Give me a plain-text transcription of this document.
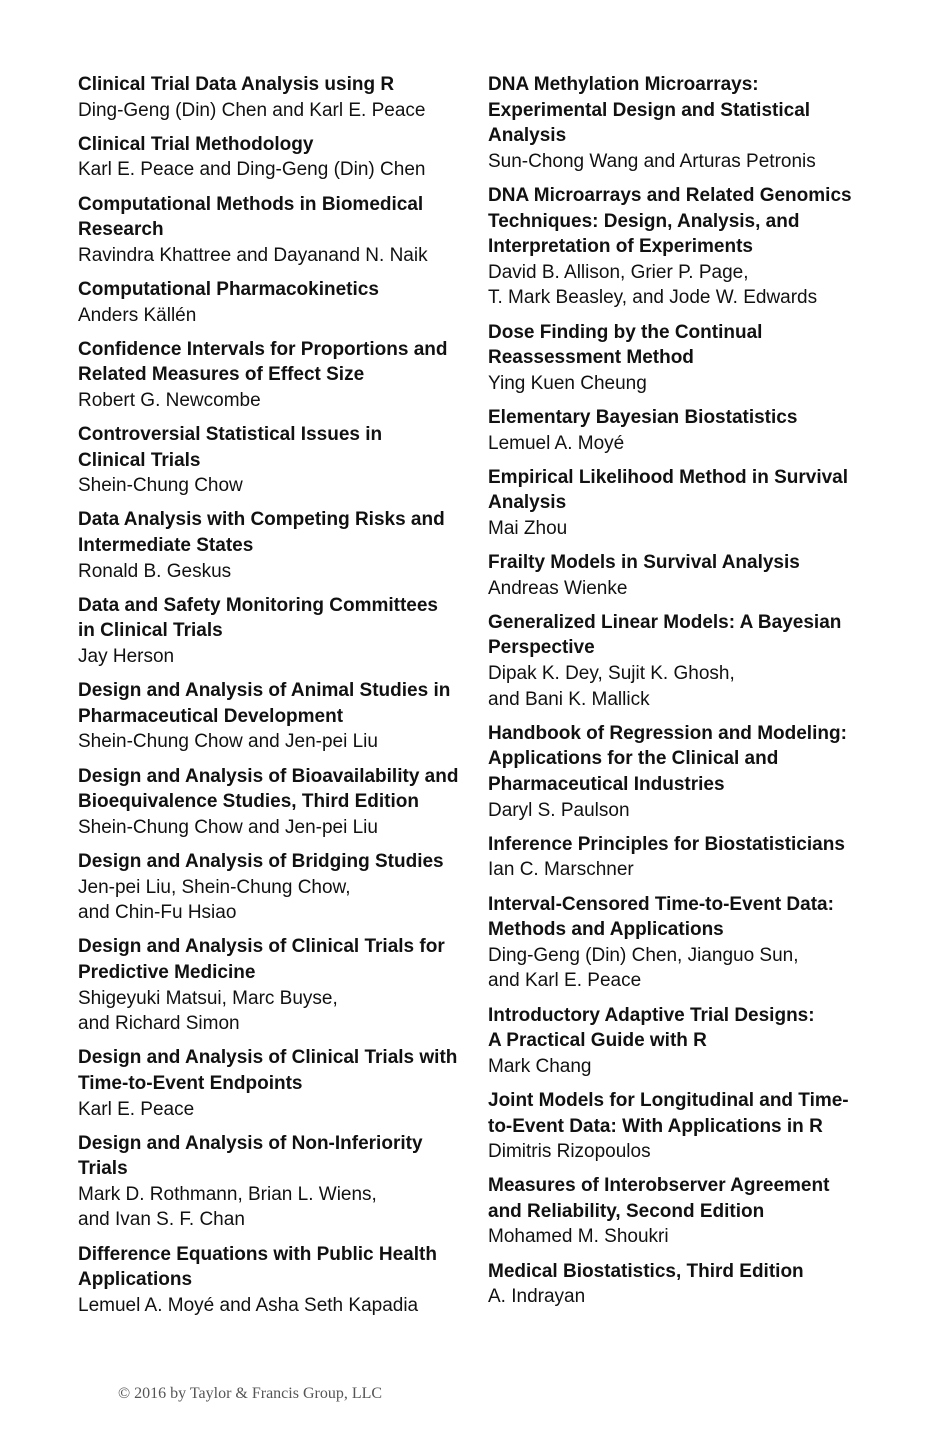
Clinical Trial Data Analysis using R
Ding-Geng (Din) Chen and Karl E. Peace
Clinical Trial Methodology
Karl E. Peace and Ding-Geng (Din) Chen
Computational Methods in Biomedical
Research
Ravindra Khattree and Dayanand N. Naik
Computational Pharmacokinetics
Anders Källén
Confidence Intervals for Proportions and
Related Measures of Effect Size
Robert G. Newcombe
Controversial Statistical Issues in
Clinical Trials
Shein-Chung Chow
Data Analysis with Competing Risks and
Intermediate States
Ronald B. Geskus
Data and Safety Monitoring Committees
in Clinical Trials
Jay Herson
Design and Analysis of Animal Studies in
Pharmaceutical Development
Shein-Chung Chow and Jen-pei Liu
Design and Analysis of Bioavailability and
Bioequivalence Studies, Third Edition
Shein-Chung Chow and Jen-pei Liu
Design and Analysis of Bridging Studies
Jen-pei Liu, Shein-Chung Chow,
and Chin-Fu Hsiao
Design and Analysis of Clinical Trials for
Predictive Medicine
Shigeyuki Matsui, Marc Buyse,
and Richard Simon
Design and Analysis of Clinical Trials with
Time-to-Event Endpoints
Karl E. Peace
Design and Analysis of Non-Inferiority
Trials
Mark D. Rothmann, Brian L. Wiens,
and Ivan S. F. Chan
Difference Equations with Public Health
Applications
Lemuel A. Moyé and Asha Seth Kapadia
DNA Methylation Microarrays:
Experimental Design and Statistical
Analysis
Sun-Chong Wang and Arturas Petronis
DNA Microarrays and Related Genomics
Techniques: Design, Analysis, and
Interpretation of Experiments
David B. Allison, Grier P. Page,
T. Mark Beasley, and Jode W. Edwards
Dose Finding by the Continual
Reassessment Method
Ying Kuen Cheung
Elementary Bayesian Biostatistics
Lemuel A. Moyé
Empirical Likelihood Method in Survival
Analysis
Mai Zhou
Frailty Models in Survival Analysis
Andreas Wienke
Generalized Linear Models: A Bayesian
Perspective
Dipak K. Dey, Sujit K. Ghosh,
and Bani K. Mallick
Handbook of Regression and Modeling:
Applications for the Clinical and
Pharmaceutical Industries
Daryl S. Paulson
Inference Principles for Biostatisticians
Ian C. Marschner
Interval-Censored Time-to-Event Data:
Methods and Applications
Ding-Geng (Din) Chen, Jianguo Sun,
and Karl E. Peace
Introductory Adaptive Trial Designs:
A Practical Guide with R
Mark Chang
Joint Models for Longitudinal and Time-
to-Event Data: With Applications in R
Dimitris Rizopoulos
Measures of Interobserver Agreement
and Reliability, Second Edition
Mohamed M. Shoukri
Medical Biostatistics, Third Edition
A. Indrayan
© 2016 by Taylor & Francis Group, LLC
